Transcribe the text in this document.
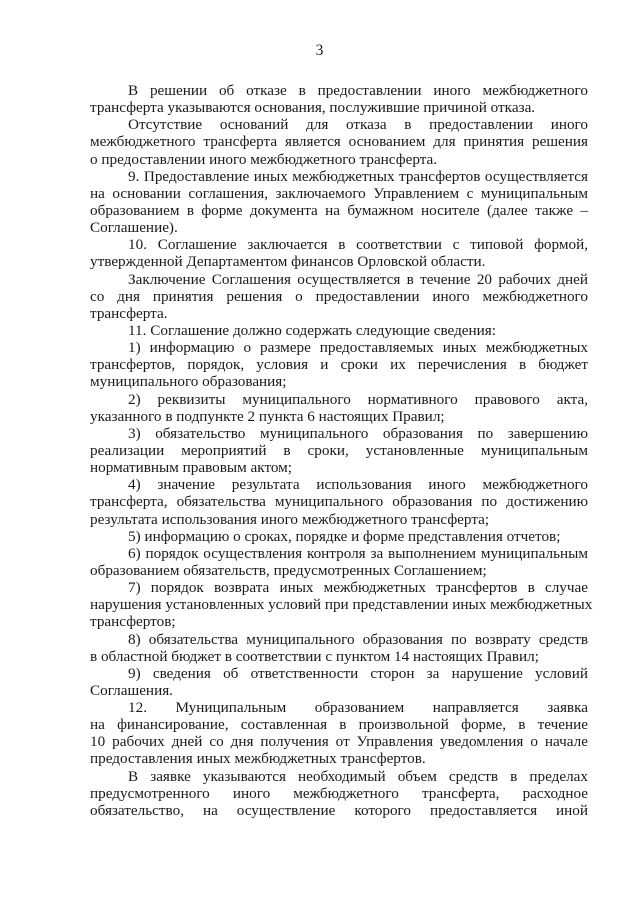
3
В решении об отказе в предоставлении иного межбюджетного
трансферта указываются основания, послужившие причиной отказа.
Отсутствие оснований для отказа в предоставлении иного
межбюджетного трансферта является основанием для принятия решения
о предоставлении иного межбюджетного трансферта.
9. Предоставление иных межбюджетных трансфертов осуществляется
на основании соглашения, заключаемого Управлением с муниципальным
образованием в форме документа на бумажном носителе (далее также –
Соглашение).
10. Соглашение заключается в соответствии с типовой формой,
утвержденной Департаментом финансов Орловской области.
Заключение Соглашения осуществляется в течение 20 рабочих дней
со дня принятия решения о предоставлении иного межбюджетного
трансферта.
11. Соглашение должно содержать следующие сведения:
1) информацию о размере предоставляемых иных межбюджетных
трансфертов, порядок, условия и сроки их перечисления в бюджет
муниципального образования;
2) реквизиты муниципального нормативного правового акта,
указанного в подпункте 2 пункта 6 настоящих Правил;
3) обязательство муниципального образования по завершению
реализации мероприятий в сроки, установленные муниципальным
нормативным правовым актом;
4) значение результата использования иного межбюджетного
трансферта, обязательства муниципального образования по достижению
результата использования иного межбюджетного трансферта;
5) информацию о сроках, порядке и форме представления отчетов;
6) порядок осуществления контроля за выполнением муниципальным
образованием обязательств, предусмотренных Соглашением;
7) порядок возврата иных межбюджетных трансфертов в случае
нарушения установленных условий при представлении иных межбюджетных
трансфертов;
8) обязательства муниципального образования по возврату средств
в областной бюджет в соответствии с пунктом 14 настоящих Правил;
9) сведения об ответственности сторон за нарушение условий
Соглашения.
12. Муниципальным образованием направляется заявка
на финансирование, составленная в произвольной форме, в течение
10 рабочих дней со дня получения от Управления уведомления о начале
предоставления иных межбюджетных трансфертов.
В заявке указываются необходимый объем средств в пределах
предусмотренного иного межбюджетного трансферта, расходное
обязательство, на осуществление которого предоставляется иной
